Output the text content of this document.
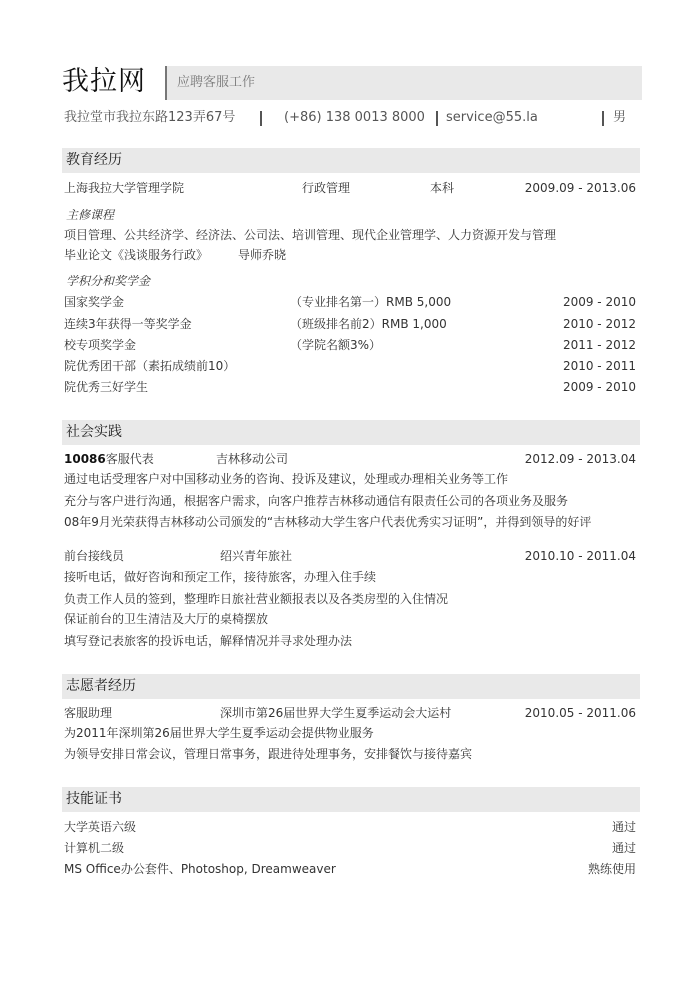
我拉网 应聘客服工作
我拉堂市我拉东路123弄67号	(+86) 138 0013 8000 service@55.la	男
教育经历
上海我拉大学管理学院	行政管理	本科	2009.09 - 2013.06
主修课程
项目管理、公共经济学、经济法、公司法、培训管理、现代企业管理学、人力资源开发与管理
毕业论文《浅谈服务行政》 导师乔晓
学积分和奖学金
国家奖学金	（专业排名第一）RMB 5,000	2009 - 2010
连续3年获得一等奖学金	（班级排名前2）RMB 1,000	2010 - 2012
校专项奖学金	（学院名额3%）	2011 - 2012
院优秀团干部（素拓成绩前10）	2010 - 2011
院优秀三好学生	2009 - 2010
社会实践
10086客服代表	吉林移动公司	2012.09 - 2013.04
通过电话受理客户对中国移动业务的咨询、投诉及建议，处理或办理相关业务等工作
充分与客户进行沟通，根据客户需求，向客户推荐吉林移动通信有限责任公司的各项业务及服务
08年9月光荣获得吉林移动公司颁发的“吉林移动大学生客户代表优秀实习证明”，并得到领导的好评
前台接线员	绍兴青年旅社	2010.10 - 2011.04
接听电话，做好咨询和预定工作，接待旅客，办理入住手续
负责工作人员的签到，整理昨日旅社营业额报表以及各类房型的入住情况
保证前台的卫生清洁及大厅的桌椅摆放
填写登记表旅客的投诉电话，解释情况并寻求处理办法
志愿者经历
客服助理	深圳市第26届世界大学生夏季运动会大运村	2010.05 - 2011.06
为2011年深圳第26届世界大学生夏季运动会提供物业服务
为领导安排日常会议，管理日常事务，跟进待处理事务，安排餐饮与接待嘉宾
技能证书
大学英语六级	通过
计算机二级	通过
MS Office办公套件、Photoshop, Dreamweaver	熟练使用
